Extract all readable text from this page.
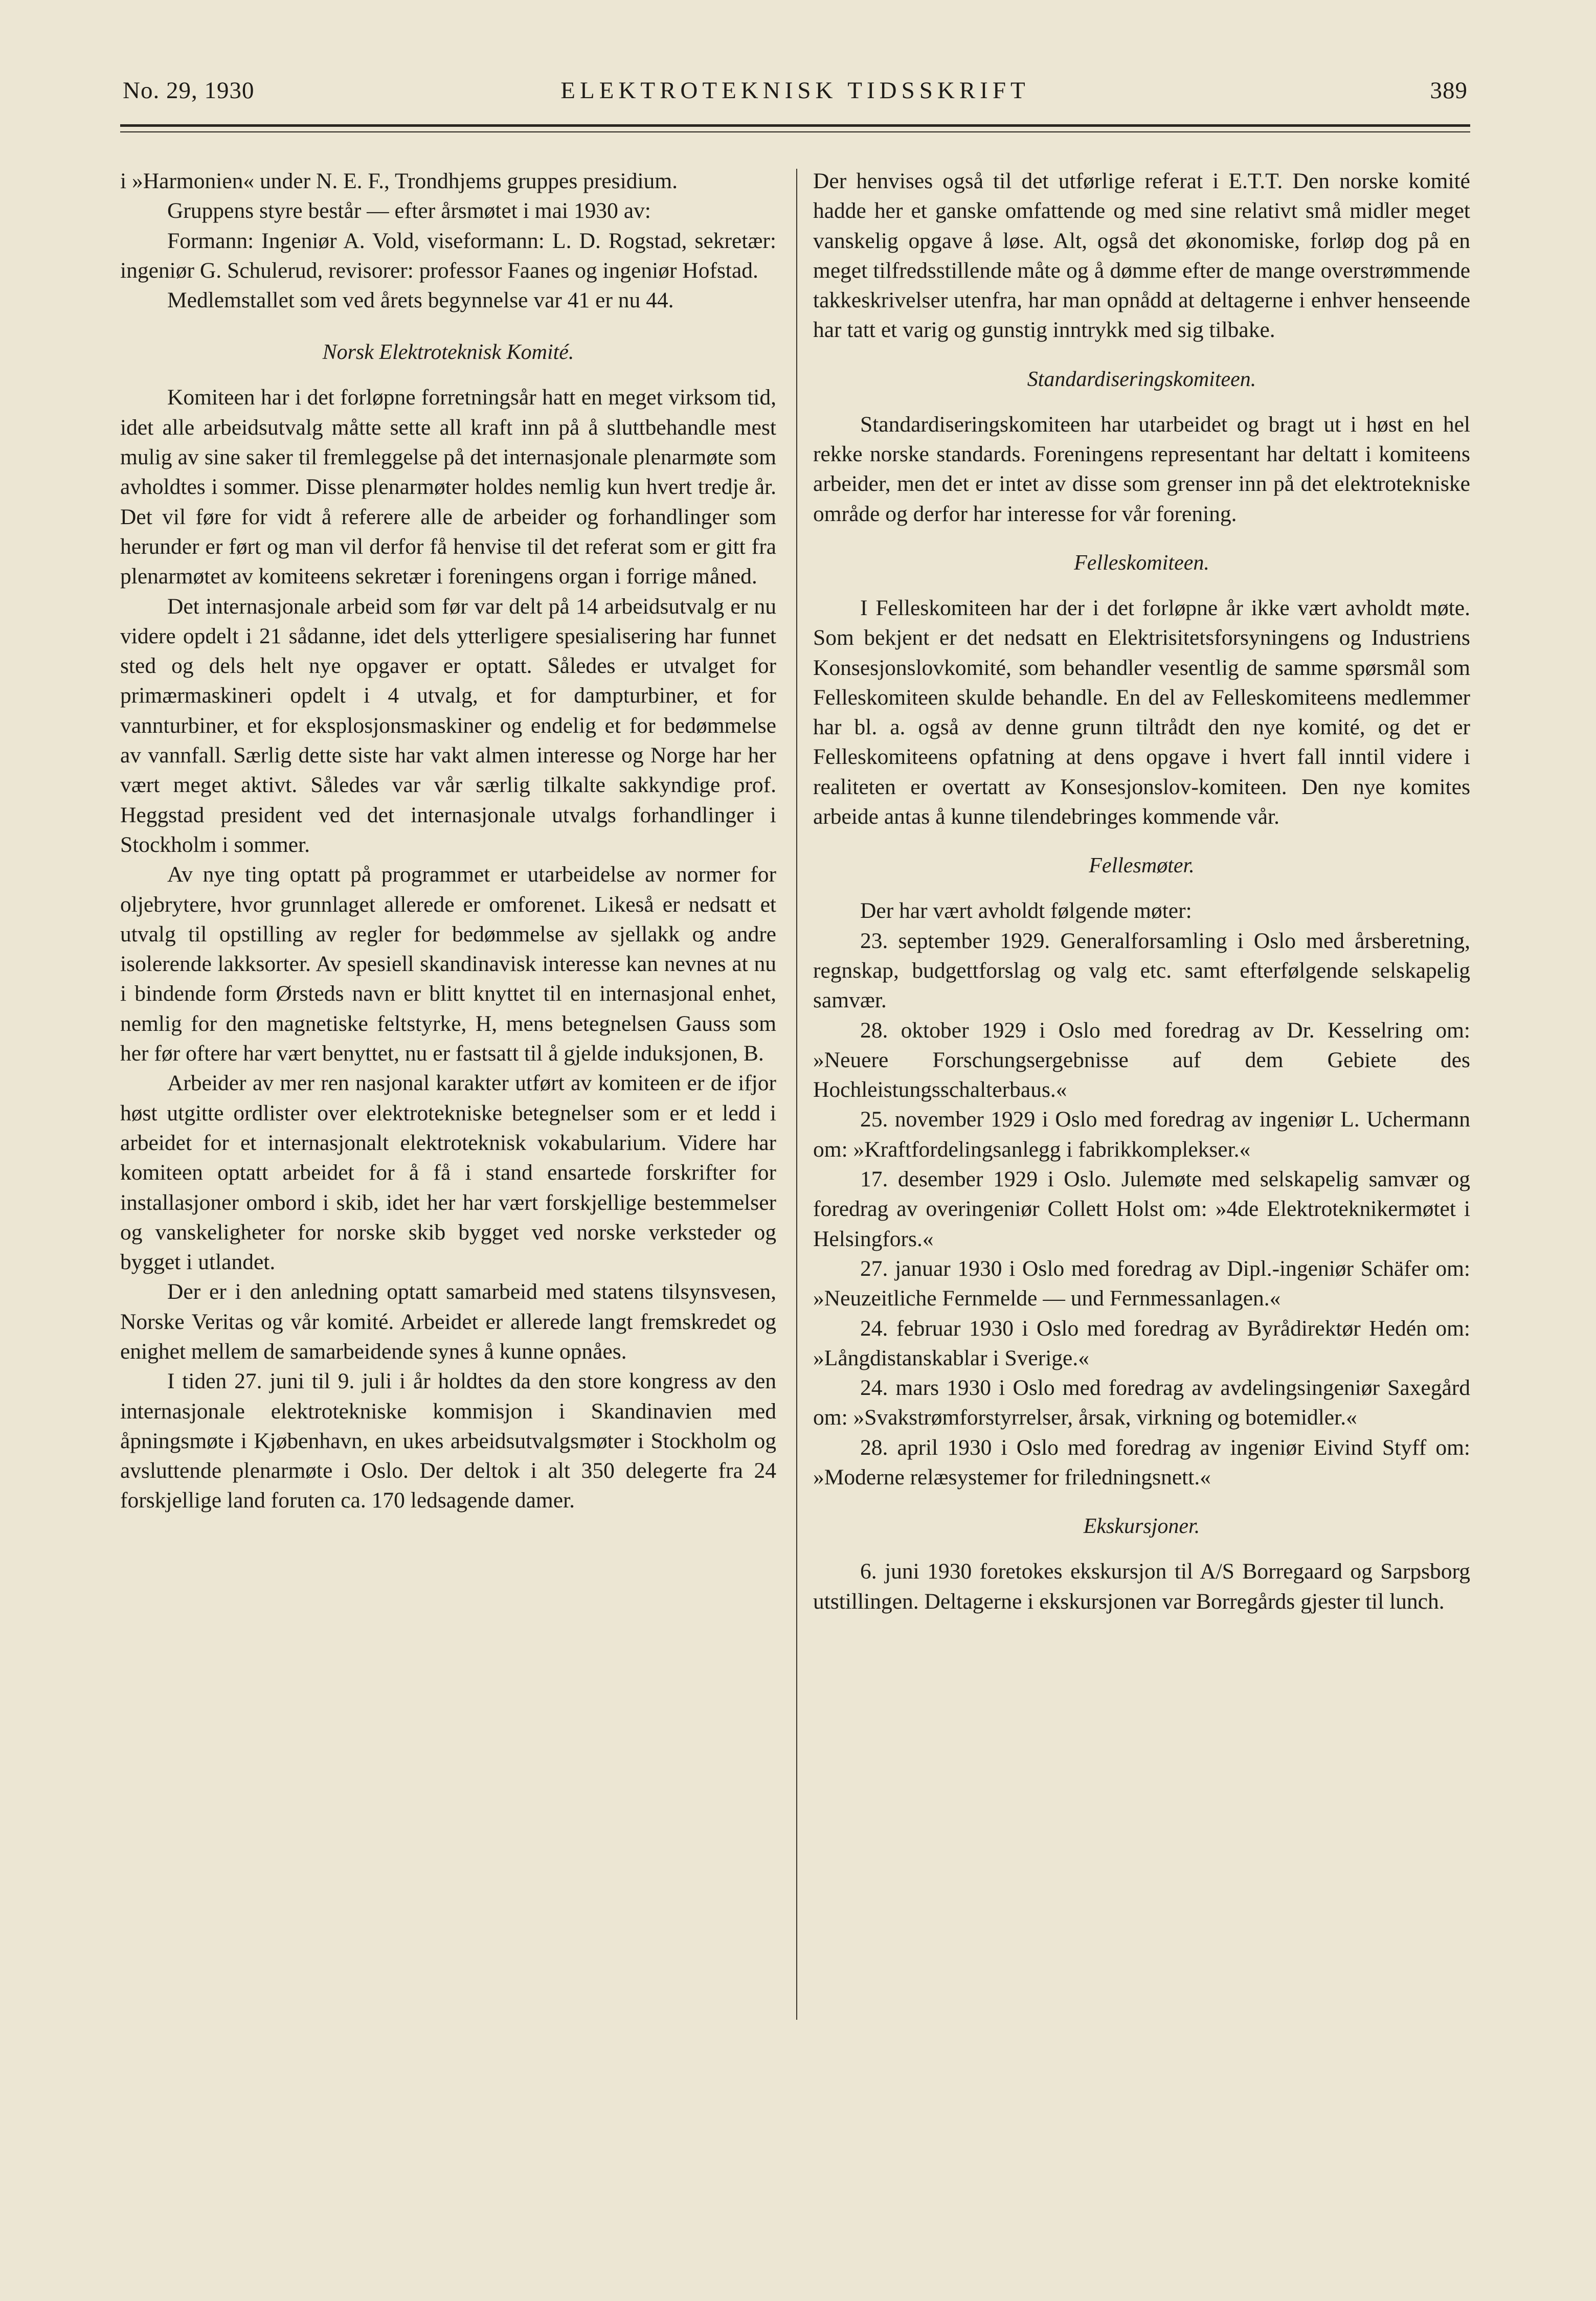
No. 29, 1930	ELEKTROTEKNISK TIDSSKRIFT	389

i »Harmonien« under N. E. F., Trondhjems gruppes presidium.

Gruppens styre består — efter årsmøtet i mai 1930 av:

Formann: Ingeniør A. Vold, viseformann: L. D. Rogstad, sekretær: ingeniør G. Schulerud, revisorer: professor Faanes og ingeniør Hofstad.

Medlemstallet som ved årets begynnelse var 41 er nu 44.

Norsk Elektroteknisk Komité.

Komiteen har i det forløpne forretningsår hatt en meget virksom tid, idet alle arbeidsutvalg måtte sette all kraft inn på å sluttbehandle mest mulig av sine saker til fremleggelse på det internasjonale plenarmøte som avholdtes i sommer. Disse plenarmøter holdes nemlig kun hvert tredje år. Det vil føre for vidt å referere alle de arbeider og forhandlinger som herunder er ført og man vil derfor få henvise til det referat som er gitt fra plenarmøtet av komiteens sekretær i foreningens organ i forrige måned.

Det internasjonale arbeid som før var delt på 14 arbeidsutvalg er nu videre opdelt i 21 sådanne, idet dels ytterligere spesialisering har funnet sted og dels helt nye opgaver er optatt. Således er utvalget for primærmaskineri opdelt i 4 utvalg, et for dampturbiner, et for vannturbiner, et for eksplosjonsmaskiner og endelig et for bedømmelse av vannfall. Særlig dette siste har vakt almen interesse og Norge har her vært meget aktivt. Således var vår særlig tilkalte sakkyndige prof. Heggstad president ved det internasjonale utvalgs forhandlinger i Stockholm i sommer.

Av nye ting optatt på programmet er utarbeidelse av normer for oljebrytere, hvor grunnlaget allerede er omforenet. Likeså er nedsatt et utvalg til opstilling av regler for bedømmelse av sjellakk og andre isolerende lakksorter. Av spesiell skandinavisk interesse kan nevnes at nu i bindende form Ørsteds navn er blitt knyttet til en internasjonal enhet, nemlig for den magnetiske feltstyrke, H, mens betegnelsen Gauss som her før oftere har vært benyttet, nu er fastsatt til å gjelde induksjonen, B.

Arbeider av mer ren nasjonal karakter utført av komiteen er de ifjor høst utgitte ordlister over elektrotekniske betegnelser som er et ledd i arbeidet for et internasjonalt elektroteknisk vokabularium. Videre har komiteen optatt arbeidet for å få i stand ensartede forskrifter for installasjoner ombord i skib, idet her har vært forskjellige bestemmelser og vanskeligheter for norske skib bygget ved norske verksteder og bygget i utlandet.

Der er i den anledning optatt samarbeid med statens tilsynsvesen, Norske Veritas og vår komité. Arbeidet er allerede langt fremskredet og enighet mellem de samarbeidende synes å kunne opnåes.

I tiden 27. juni til 9. juli i år holdtes da den store kongress av den internasjonale elektrotekniske kommisjon i Skandinavien med åpningsmøte i Kjøbenhavn, en ukes arbeidsutvalgsmøter i Stockholm og avsluttende plenarmøte i Oslo. Der deltok i alt 350 delegerte fra 24 forskjellige land foruten ca. 170 ledsagende damer.

Der henvises også til det utførlige referat i E.T.T. Den norske komité hadde her et ganske omfattende og med sine relativt små midler meget vanskelig opgave å løse. Alt, også det økonomiske, forløp dog på en meget tilfredsstillende måte og å dømme efter de mange overstrømmende takkeskrivelser utenfra, har man opnådd at deltagerne i enhver henseende har tatt et varig og gunstig inntrykk med sig tilbake.

Standardiseringskomiteen.

Standardiseringskomiteen har utarbeidet og bragt ut i høst en hel rekke norske standards. Foreningens representant har deltatt i komiteens arbeider, men det er intet av disse som grenser inn på det elektrotekniske område og derfor har interesse for vår forening.

Felleskomiteen.

I Felleskomiteen har der i det forløpne år ikke vært avholdt møte. Som bekjent er det nedsatt en Elektrisitetsforsyningens og Industriens Konsesjonslovkomité, som behandler vesentlig de samme spørsmål som Felleskomiteen skulde behandle. En del av Felleskomiteens medlemmer har bl. a. også av denne grunn tiltrådt den nye komité, og det er Felleskomiteens opfatning at dens opgave i hvert fall inntil videre i realiteten er overtatt av Konsesjonslov-komiteen. Den nye komites arbeide antas å kunne tilendebringes kommende vår.

Fellesmøter.

Der har vært avholdt følgende møter:

23. september 1929. Generalforsamling i Oslo med årsberetning, regnskap, budgettforslag og valg etc. samt efterfølgende selskapelig samvær.

28. oktober 1929 i Oslo med foredrag av Dr. Kesselring om: »Neuere Forschungsergebnisse auf dem Gebiete des Hochleistungsschalterbaus.«

25. november 1929 i Oslo med foredrag av ingeniør L. Uchermann om: »Kraftfordelingsanlegg i fabrikkomplekser.«

17. desember 1929 i Oslo. Julemøte med selskapelig samvær og foredrag av overingeniør Collett Holst om: »4de Elektroteknikermøtet i Helsingfors.«

27. januar 1930 i Oslo med foredrag av Dipl.-ingeniør Schäfer om: »Neuzeitliche Fernmelde — und Fernmessanlagen.«

24. februar 1930 i Oslo med foredrag av Byrådirektør Hedén om: »Långdistanskablar i Sverige.«

24. mars 1930 i Oslo med foredrag av avdelingsingeniør Saxegård om: »Svakstrømforstyrrelser, årsak, virkning og botemidler.«

28. april 1930 i Oslo med foredrag av ingeniør Eivind Styff om: »Moderne relæsystemer for friledningsnett.«

Ekskursjoner.

6. juni 1930 foretokes ekskursjon til A/S Borregaard og Sarpsborg utstillingen. Deltagerne i ekskursjonen var Borregårds gjester til lunch.
